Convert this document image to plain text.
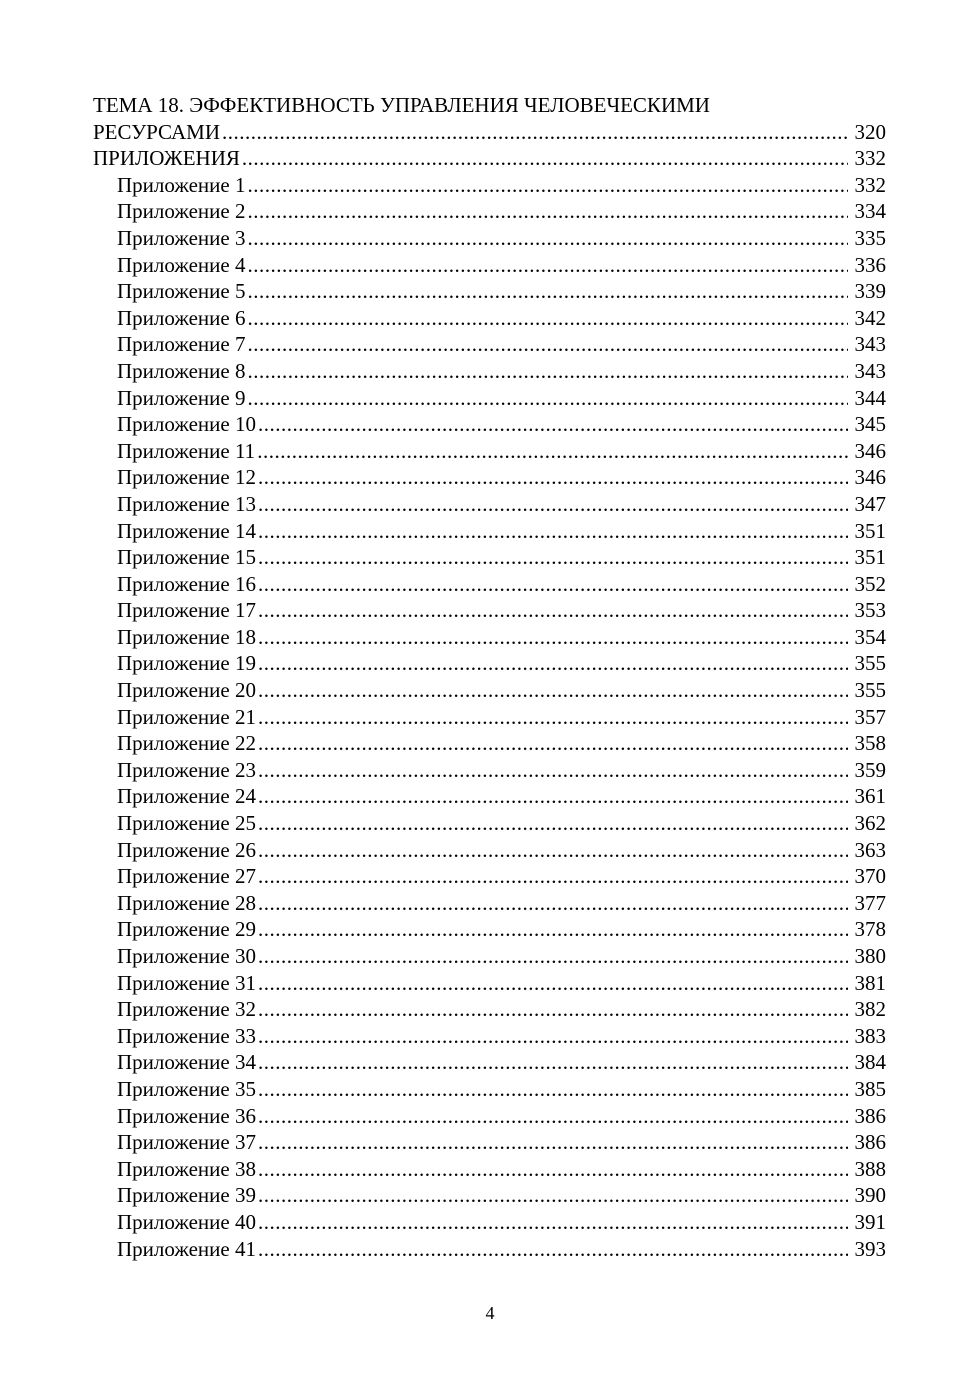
ТЕМА 18. ЭФФЕКТИВНОСТЬ УПРАВЛЕНИЯ ЧЕЛОВЕЧЕСКИМИ
РЕСУРСАМИ .....	320
ПРИЛОЖЕНИЯ .....	332
Приложение 1 .....	332
Приложение 2 .....	334
Приложение 3 .....	335
Приложение 4 .....	336
Приложение 5 .....	339
Приложение 6 .....	342
Приложение 7 .....	343
Приложение 8 .....	343
Приложение 9 .....	344
Приложение 10 .....	345
Приложение 11 .....	346
Приложение 12 .....	346
Приложение 13 .....	347
Приложение 14 .....	351
Приложение 15 .....	351
Приложение 16 .....	352
Приложение 17 .....	353
Приложение 18 .....	354
Приложение 19 .....	355
Приложение 20 .....	355
Приложение 21 .....	357
Приложение 22 .....	358
Приложение 23 .....	359
Приложение 24 .....	361
Приложение 25 .....	362
Приложение 26 .....	363
Приложение 27 .....	370
Приложение 28 .....	377
Приложение 29 .....	378
Приложение 30 .....	380
Приложение 31 .....	381
Приложение 32 .....	382
Приложение 33 .....	383
Приложение 34 .....	384
Приложение 35 .....	385
Приложение 36 .....	386
Приложение 37 .....	386
Приложение 38 .....	388
Приложение 39 .....	390
Приложение 40 .....	391
Приложение 41 .....	393
4
